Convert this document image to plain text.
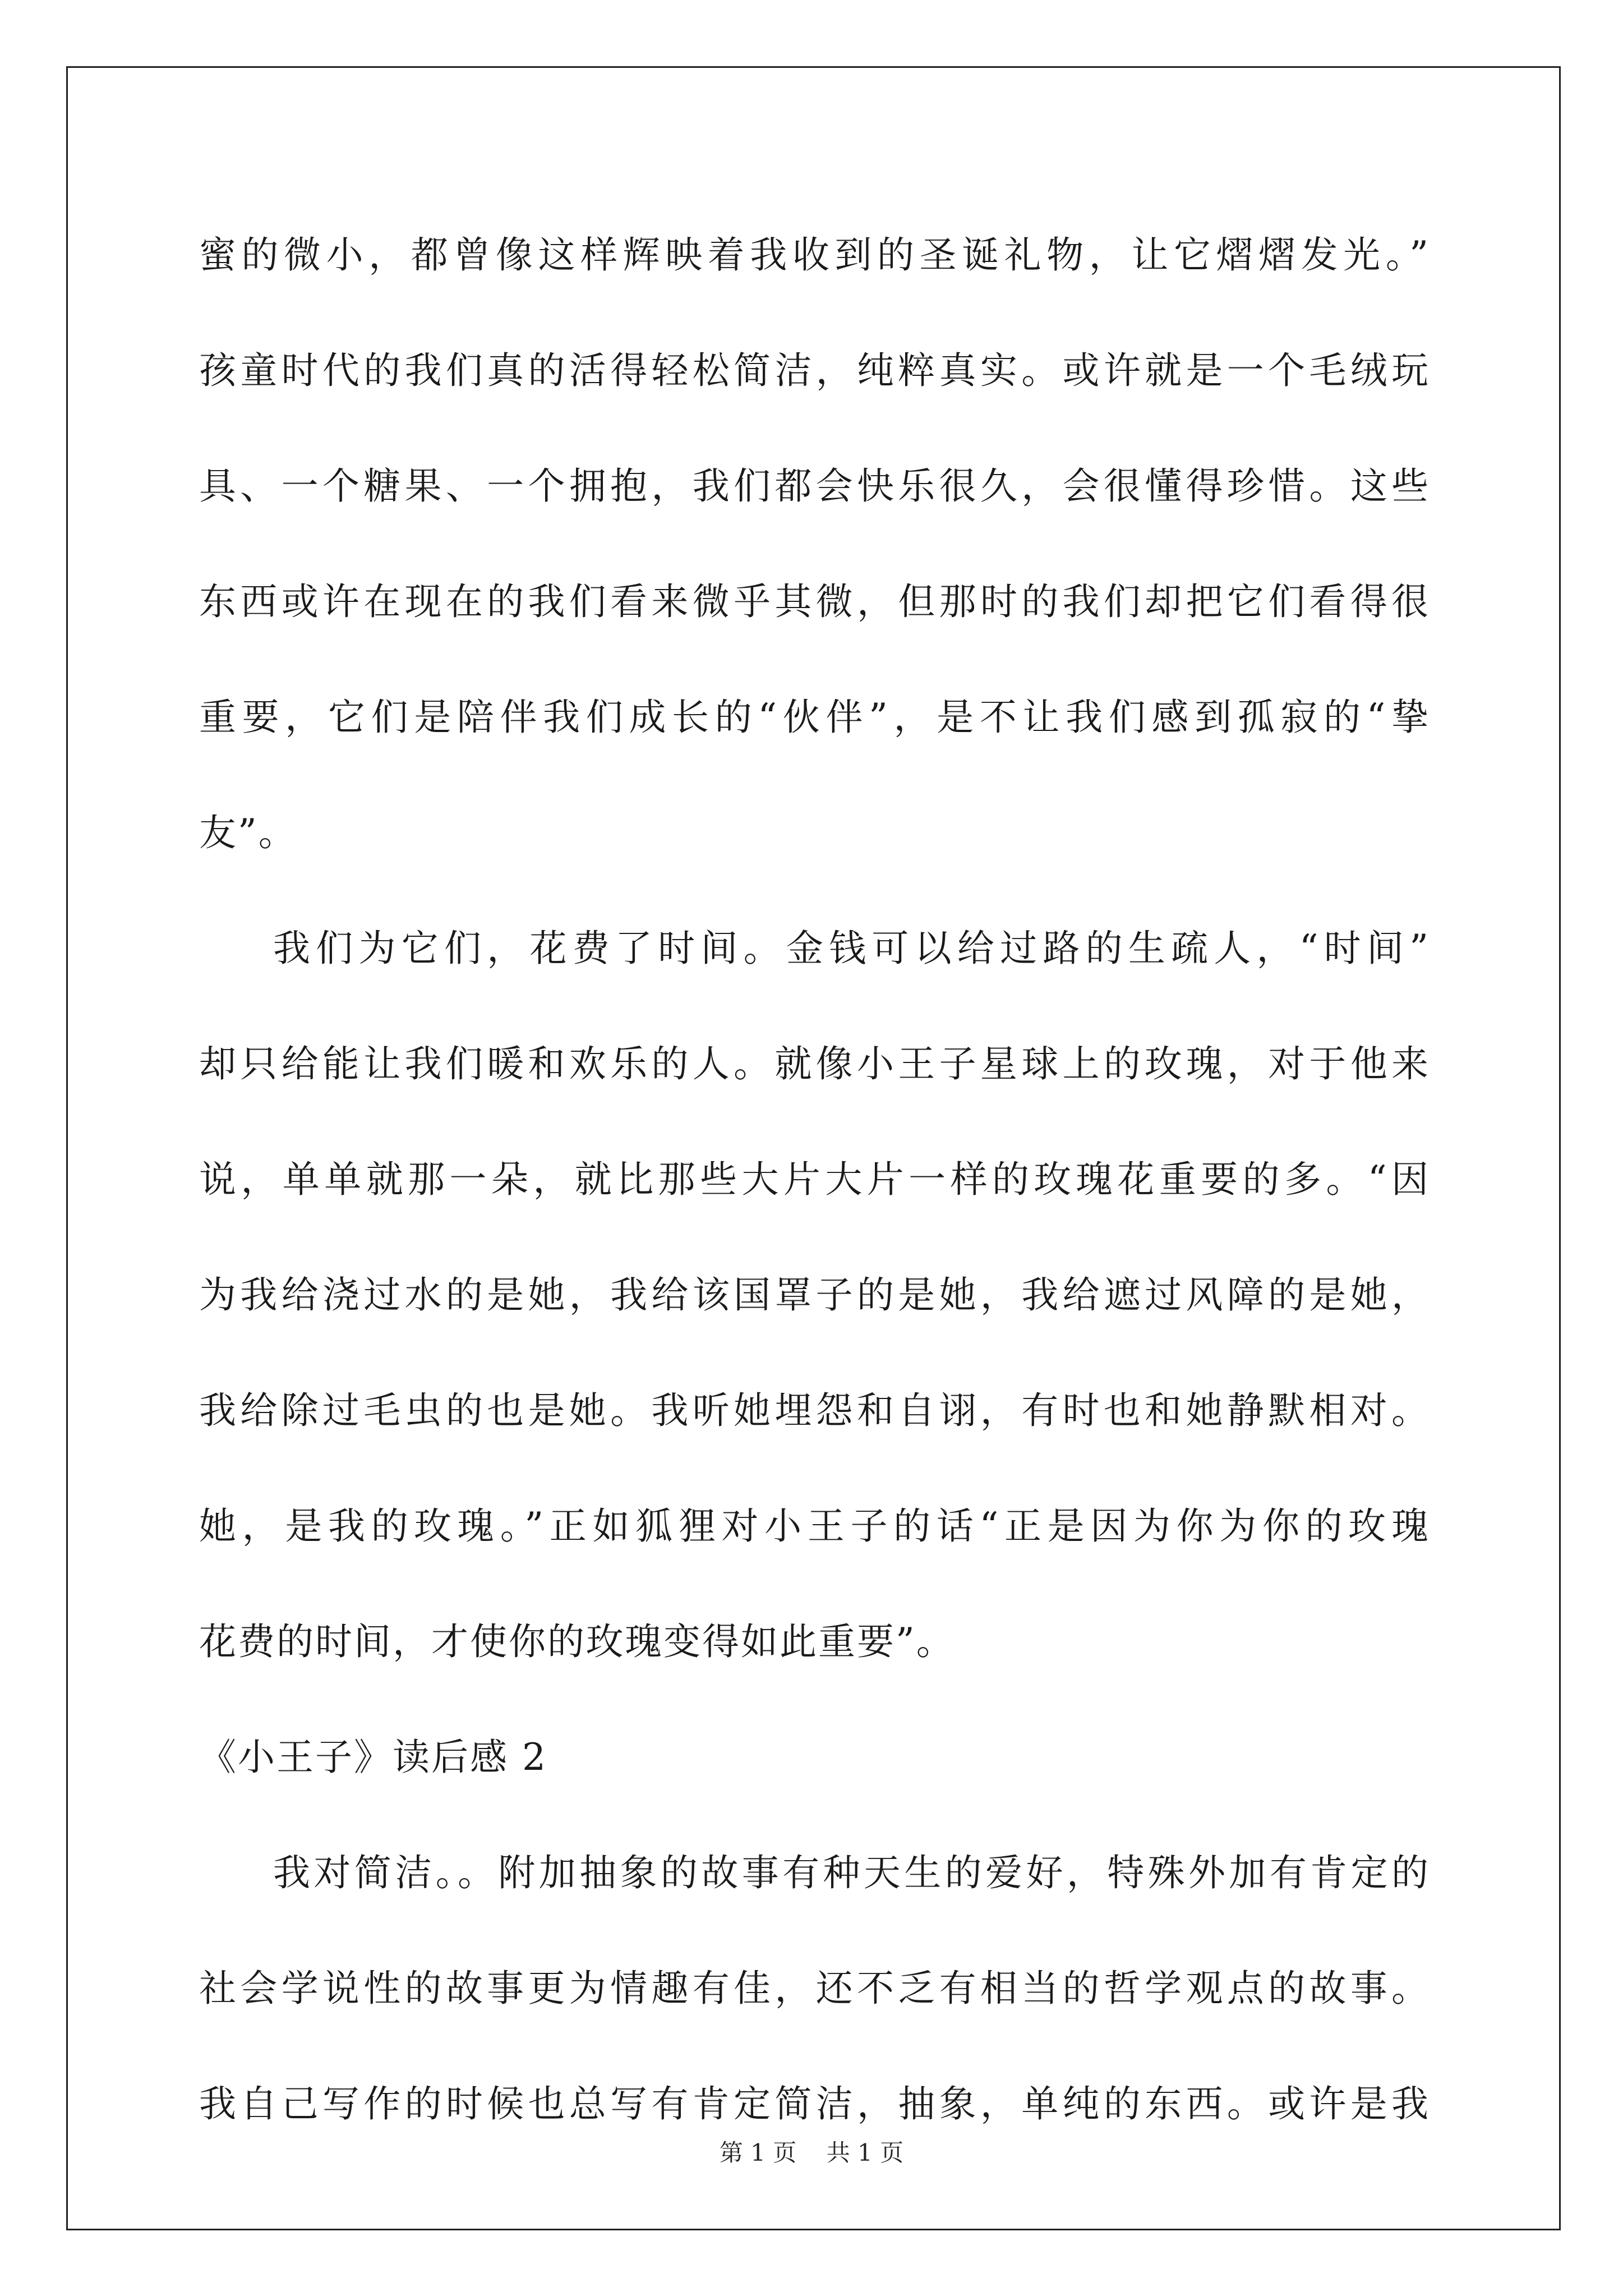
蜜的微小，都曾像这样辉映着我收到的圣诞礼物，让它熠熠发光。”
孩童时代的我们真的活得轻松简洁，纯粹真实。或许就是一个毛绒玩
具、一个糖果、一个拥抱，我们都会快乐很久，会很懂得珍惜。这些
东西或许在现在的我们看来微乎其微，但那时的我们却把它们看得很
重要，它们是陪伴我们成长的“伙伴”，是不让我们感到孤寂的“挚
友”。
我们为它们，花费了时间。金钱可以给过路的生疏人，“时间”
却只给能让我们暖和欢乐的人。就像小王子星球上的玫瑰，对于他来
说，单单就那一朵，就比那些大片大片一样的玫瑰花重要的多。“因
为我给浇过水的是她，我给该国罩子的是她，我给遮过风障的是她，
我给除过毛虫的也是她。我听她埋怨和自诩，有时也和她静默相对。
她，是我的玫瑰。”正如狐狸对小王子的话“正是因为你为你的玫瑰
花费的时间，才使你的玫瑰变得如此重要”。
《小王子》读后感 2
我对简洁。。附加抽象的故事有种天生的爱好，特殊外加有肯定的
社会学说性的故事更为情趣有佳，还不乏有相当的哲学观点的故事。
我自己写作的时候也总写有肯定简洁，抽象，单纯的东西。或许是我
第 1 页    共 1 页
